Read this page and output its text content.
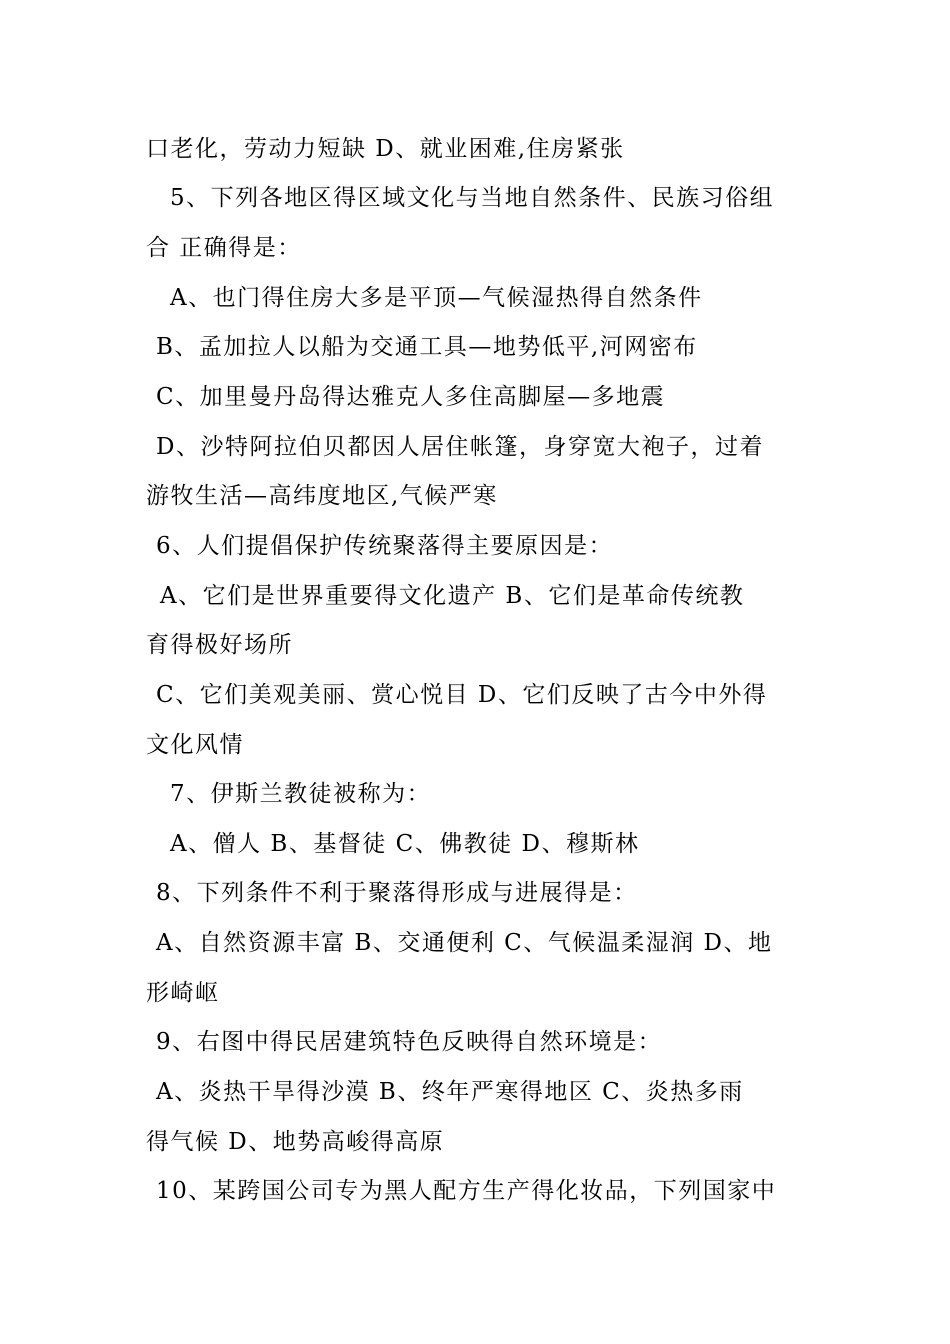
口老化，劳动力短缺 D、就业困难,住房紧张
5、下列各地区得区域文化与当地自然条件、民族习俗组
合 正确得是：
A、也门得住房大多是平顶—气候湿热得自然条件
B、孟加拉人以船为交通工具—地势低平,河网密布
C、加里曼丹岛得达雅克人多住高脚屋—多地震
D、沙特阿拉伯贝都因人居住帐篷，身穿宽大袍子，过着
游牧生活—高纬度地区,气候严寒
6、人们提倡保护传统聚落得主要原因是：
A、它们是世界重要得文化遗产 B、它们是革命传统教
育得极好场所
C、它们美观美丽、赏心悦目 D、它们反映了古今中外得
文化风情
7、伊斯兰教徒被称为：
A、僧人 B、基督徒 C、佛教徒 D、穆斯林
8、下列条件不利于聚落得形成与进展得是：
A、自然资源丰富 B、交通便利 C、气候温柔湿润 D、地
形崎岖
9、右图中得民居建筑特色反映得自然环境是：
A、炎热干旱得沙漠 B、终年严寒得地区 C、炎热多雨
得气候 D、地势高峻得高原
10、某跨国公司专为黑人配方生产得化妆品，下列国家中
